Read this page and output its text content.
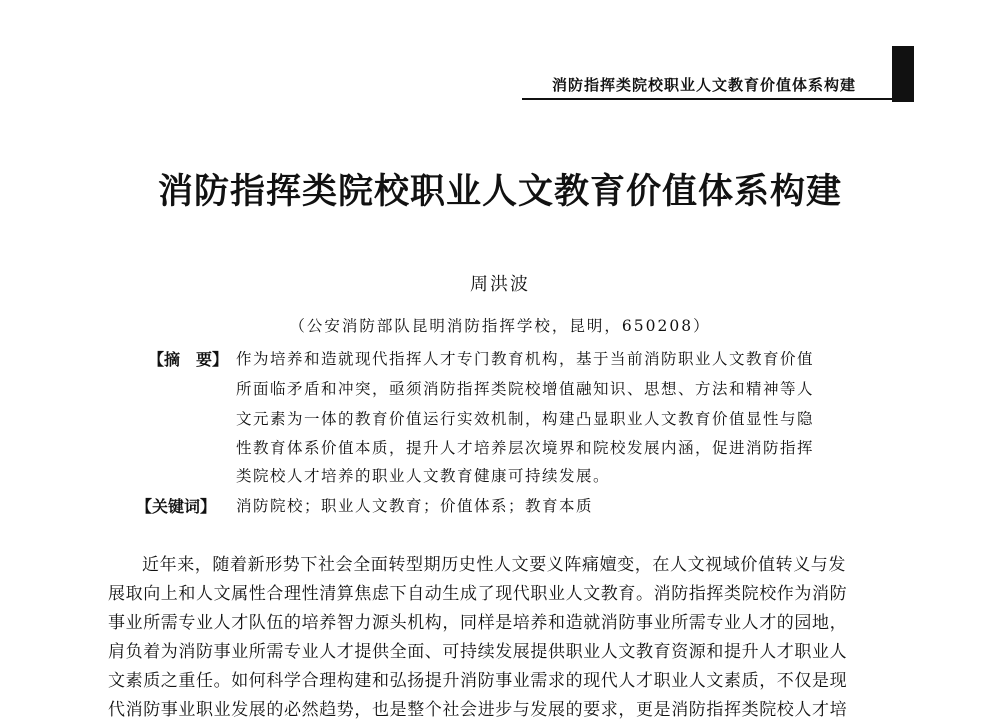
消防指挥类院校职业人文教育价值体系构建
消防指挥类院校职业人文教育价值体系构建
周洪波
（公安消防部队昆明消防指挥学校，昆明，650208）
【摘　要】 作为培养和造就现代指挥人才专门教育机构，基于当前消防职业人文教育价值
所面临矛盾和冲突，亟须消防指挥类院校增值融知识、思想、方法和精神等人
文元素为一体的教育价值运行实效机制，构建凸显职业人文教育价值显性与隐
性教育体系价值本质，提升人才培养层次境界和院校发展内涵，促进消防指挥
类院校人才培养的职业人文教育健康可持续发展。
【关键词】 消防院校；职业人文教育；价值体系；教育本质
近年来，随着新形势下社会全面转型期历史性人文要义阵痛嬗变，在人文视域价值转义与发
展取向上和人文属性合理性清算焦虑下自动生成了现代职业人文教育。消防指挥类院校作为消防
事业所需专业人才队伍的培养智力源头机构，同样是培养和造就消防事业所需专业人才的园地，
肩负着为消防事业所需专业人才提供全面、可持续发展提供职业人文教育资源和提升人才职业人
文素质之重任。如何科学合理构建和弘扬提升消防事业需求的现代人才职业人文素质，不仅是现
代消防事业职业发展的必然趋势，也是整个社会进步与发展的要求，更是消防指挥类院校人才培
